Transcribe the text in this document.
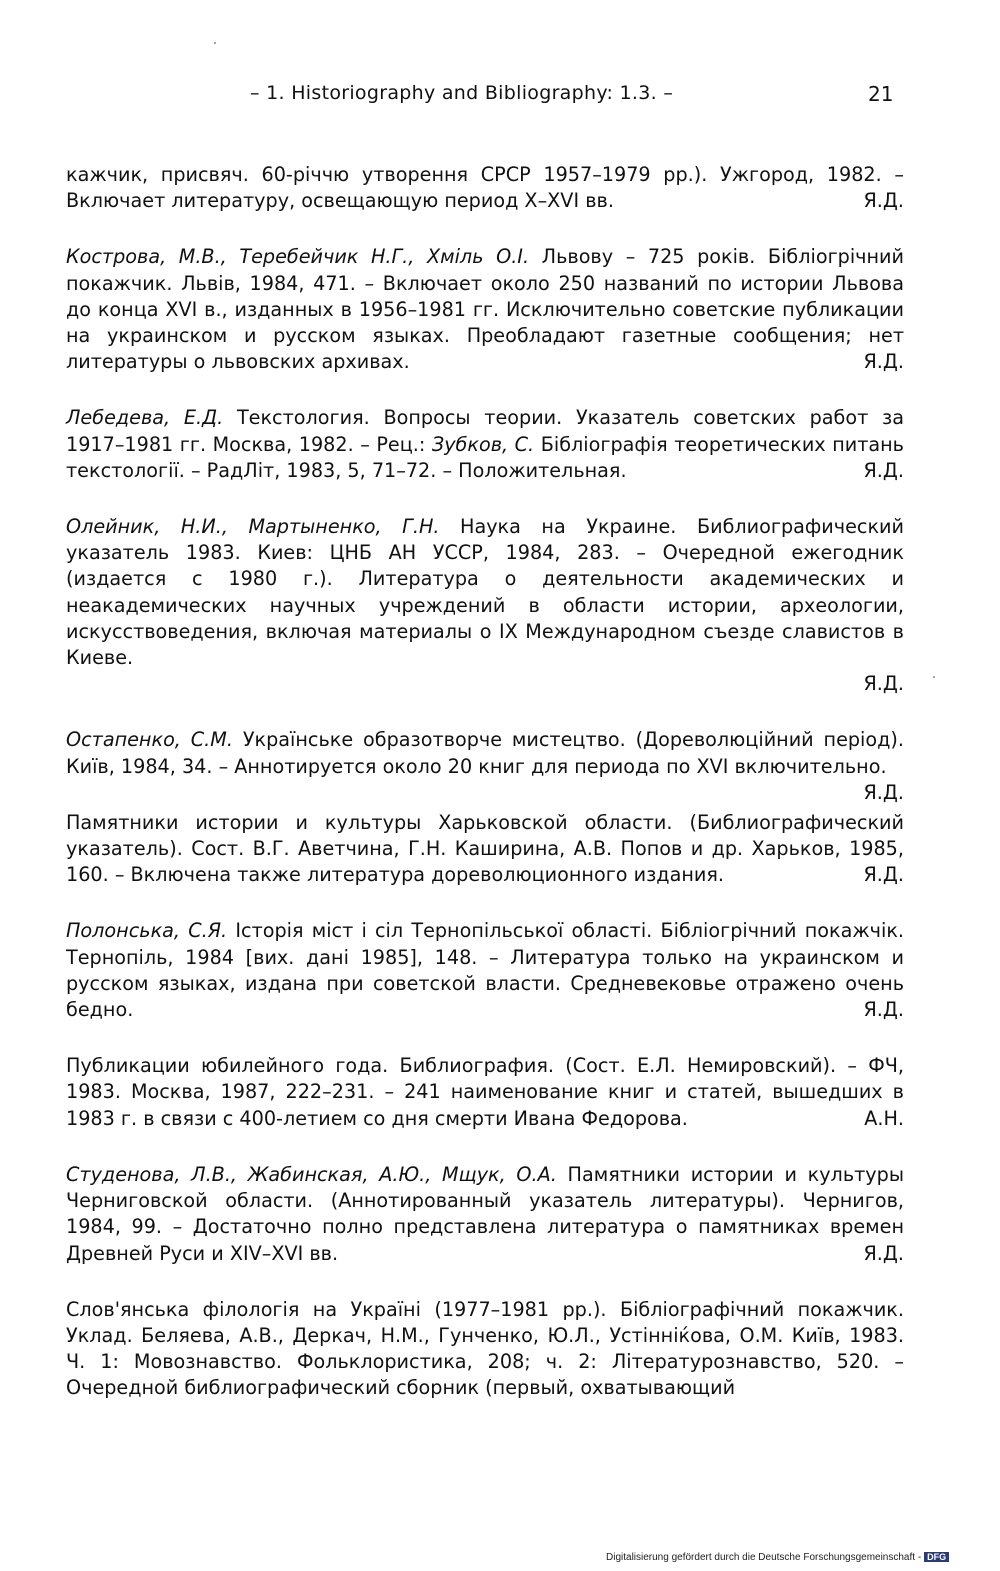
– 1. Historiography and Bibliography: 1.3. –	21

кажчик, присвяч. 60-річчю утворення СРСР 1957–1979 рр.). Ужгород, 1982. – Включает литературу, освещающую период X–XVI вв.	Я.Д.

Кострова, М.В., Теребейчик Н.Г., Хміль О.І. Львову – 725 років. Бібліогрічний покажчик. Львів, 1984, 471. – Включает около 250 названий по истории Львова до конца XVI в., изданных в 1956–1981 гг. Исключительно советские публикации на украинском и русском языках. Преобладают газетные сообщения; нет литературы о львовских архивах.	Я.Д.

Лебедева, Е.Д. Текстология. Вопросы теории. Указатель советских работ за 1917–1981 гг. Москва, 1982. – Рец.: Зубков, С. Бібліографія теоретических питань текстології. – РадЛіт, 1983, 5, 71–72. – Положительная.	Я.Д.

Олейник, Н.И., Мартыненко, Г.Н. Наука на Украине. Библиографический указатель 1983. Киев: ЦНБ АН УССР, 1984, 283. – Очередной ежегодник (издается с 1980 г.). Литература о деятельности академических и неакадемических научных учреждений в области истории, археологии, искусствоведения, включая материалы о IX Международном съезде славистов в Киеве.
Я.Д.

Остапенко, С.М. Українське образотворче мистецтво. (Дореволюційний період). Київ, 1984, 34. – Аннотируется около 20 книг для периода по XVI включительно.
Я.Д.

Памятники истории и культуры Харьковской области. (Библиографический указатель). Сост. В.Г. Аветчина, Г.Н. Каширина, А.В. Попов и др. Харьков, 1985, 160. – Включена также литература дореволюционного издания.	Я.Д.

Полонська, С.Я. Історія міст і сіл Тернопільської області. Бібліогрічний покажчік. Тернопіль, 1984 [вих. дані 1985], 148. – Литература только на украинском и русском языках, издана при советской власти. Средневековье отражено очень бедно.	Я.Д.

Публикации юбилейного года. Библиография. (Сост. Е.Л. Немировский). – ФЧ, 1983. Москва, 1987, 222–231. – 241 наименование книг и статей, вышедших в 1983 г. в связи с 400-летием со дня смерти Ивана Федорова.	А.Н.

Студенова, Л.В., Жабинская, А.Ю., Мщук, О.А. Памятники истории и культуры Черниговской области. (Аннотированный указатель литературы). Чернигов, 1984, 99. – Достаточно полно представлена литература о памятниках времен Древней Руси и XIV–XVI вв.	Я.Д.

Слов'янська філологія на Україні (1977–1981 рр.). Бібліографічний покажчик. Уклад. Беляева, А.В., Деркач, Н.М., Гунченко, Ю.Л., Устінніќова, О.М. Київ, 1983. Ч. 1: Мовознавство. Фольклористика, 208; ч. 2: Літературознавство, 520. – Очередной библиографический сборник (первый, охватывающий

Digitalisierung gefördert durch die Deutsche Forschungsgemeinschaft - DFG
